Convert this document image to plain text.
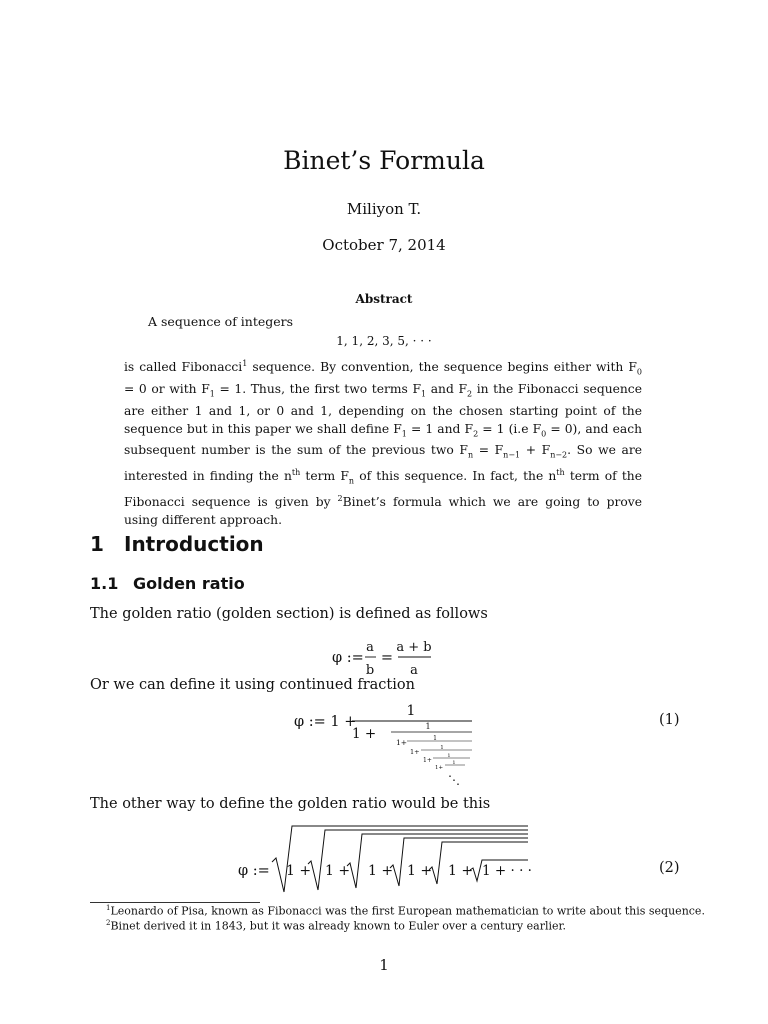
Binet’s Formula
Miliyon T.
October 7, 2014
Abstract
A sequence of integers
1, 1, 2, 3, 5, · · ·
is called Fibonacci$^1$ sequence. By convention, the sequence begins either with $F_0 = 0$ or with $F_1 = 1$. Thus, the first two terms $F_1$ and $F_2$ in the Fibonacci sequence are either 1 and 1, or 0 and 1, depending on the chosen starting point of the sequence but in this paper we shall define $F_1 = 1$ and $F_2 = 1$ (i.e $F_0 = 0$), and each subsequent number is the sum of the previous two $F_n = F_{n-1} + F_{n-2}$. So we are interested in finding the $n^{th}$ term $F_n$ of this sequence. In fact, the $n^{th}$ term of the Fibonacci sequence is given by $^2$Binet’s formula which we are going to prove using different approach.
1 Introduction
1.1 Golden ratio
The golden ratio (golden section) is defined as follows
φ :=
a
b
=
a + b
a
Or we can define it using continued fraction
φ := 1 +
1
1 +	1
1+	1
1+	1
1+
1
1+
1
⋱
(1)
The other way to define the golden ratio would be this
φ := 1 + 1 + 1 + 1 + 1 + 1 + · · ·	(2)
$^1$Leonardo of Pisa, known as Fibonacci was the first European mathematician to write about this sequence.
$^2$Binet derived it in 1843, but it was already known to Euler over a century earlier.
1
